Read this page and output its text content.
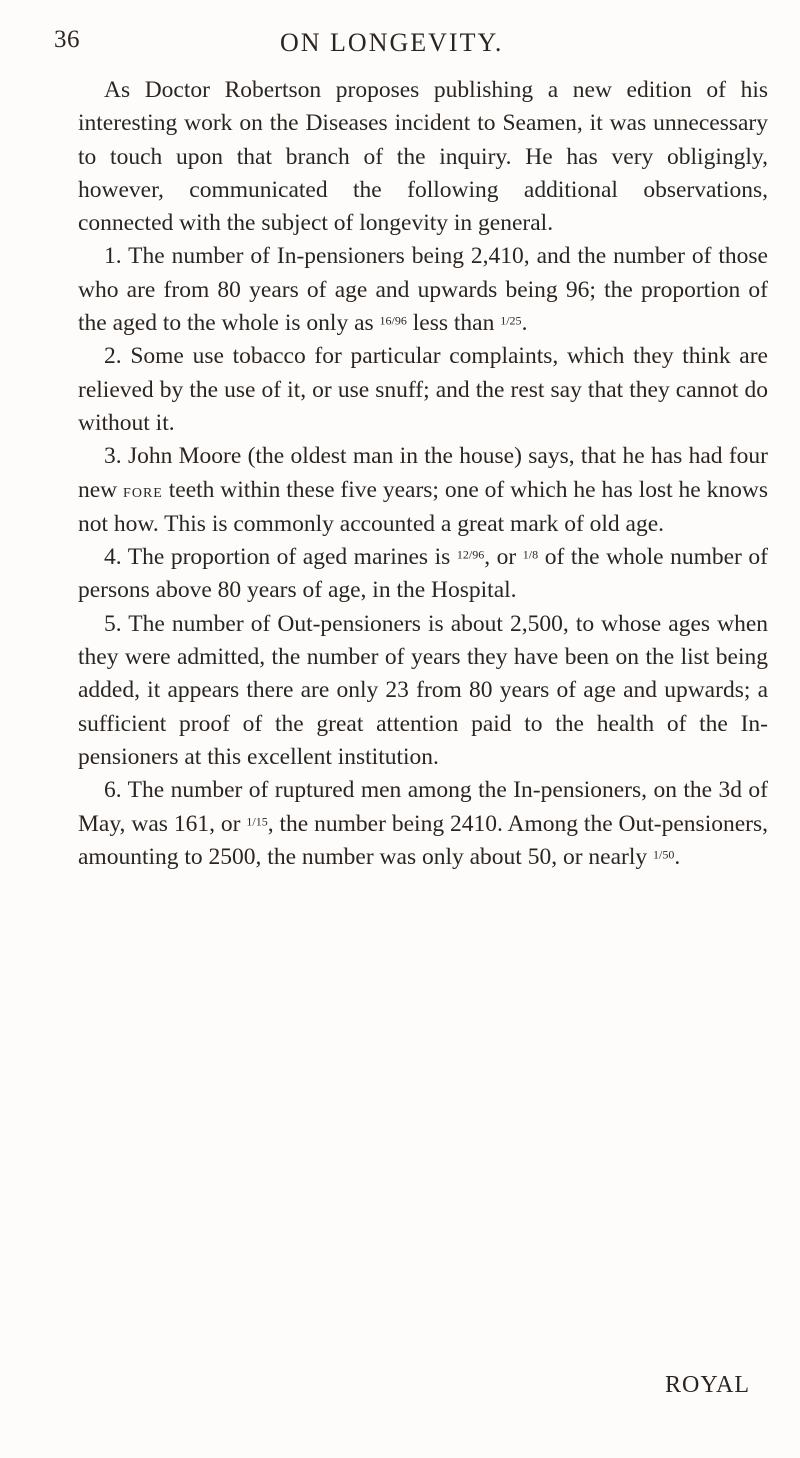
36	ON LONGEVITY.

As Doctor Robertson proposes publishing a new edition of his interesting work on the Diseases incident to Seamen, it was unnecessary to touch upon that branch of the inquiry. He has very obligingly, however, communicated the following additional observations, connected with the subject of longevity in general.

1. The number of In-pensioners being 2,410, and the number of those who are from 80 years of age and upwards being 96; the proportion of the aged to the whole is only as $^{16/96}$ less than $^{1/25}$.

2. Some use tobacco for particular complaints, which they think are relieved by the use of it, or use snuff; and the rest say that they cannot do without it.

3. John Moore (the oldest man in the house) says, that he has had four new fore teeth within these five years; one of which he has lost he knows not how. This is commonly accounted a great mark of old age.

4. The proportion of aged marines is $^{12/96}$, or $^{1/8}$ of the whole number of persons above 80 years of age, in the Hospital.

5. The number of Out-pensioners is about 2,500, to whose ages when they were admitted, the number of years they have been on the list being added, it appears there are only 23 from 80 years of age and upwards; a sufficient proof of the great attention paid to the health of the In-pensioners at this excellent institution.

6. The number of ruptured men among the In-pensioners, on the 3d of May, was 161, or $^{1/15}$, the number being 2410. Among the Out-pensioners, amounting to 2500, the number was only about 50, or nearly $^{1/50}$.

ROYAL
